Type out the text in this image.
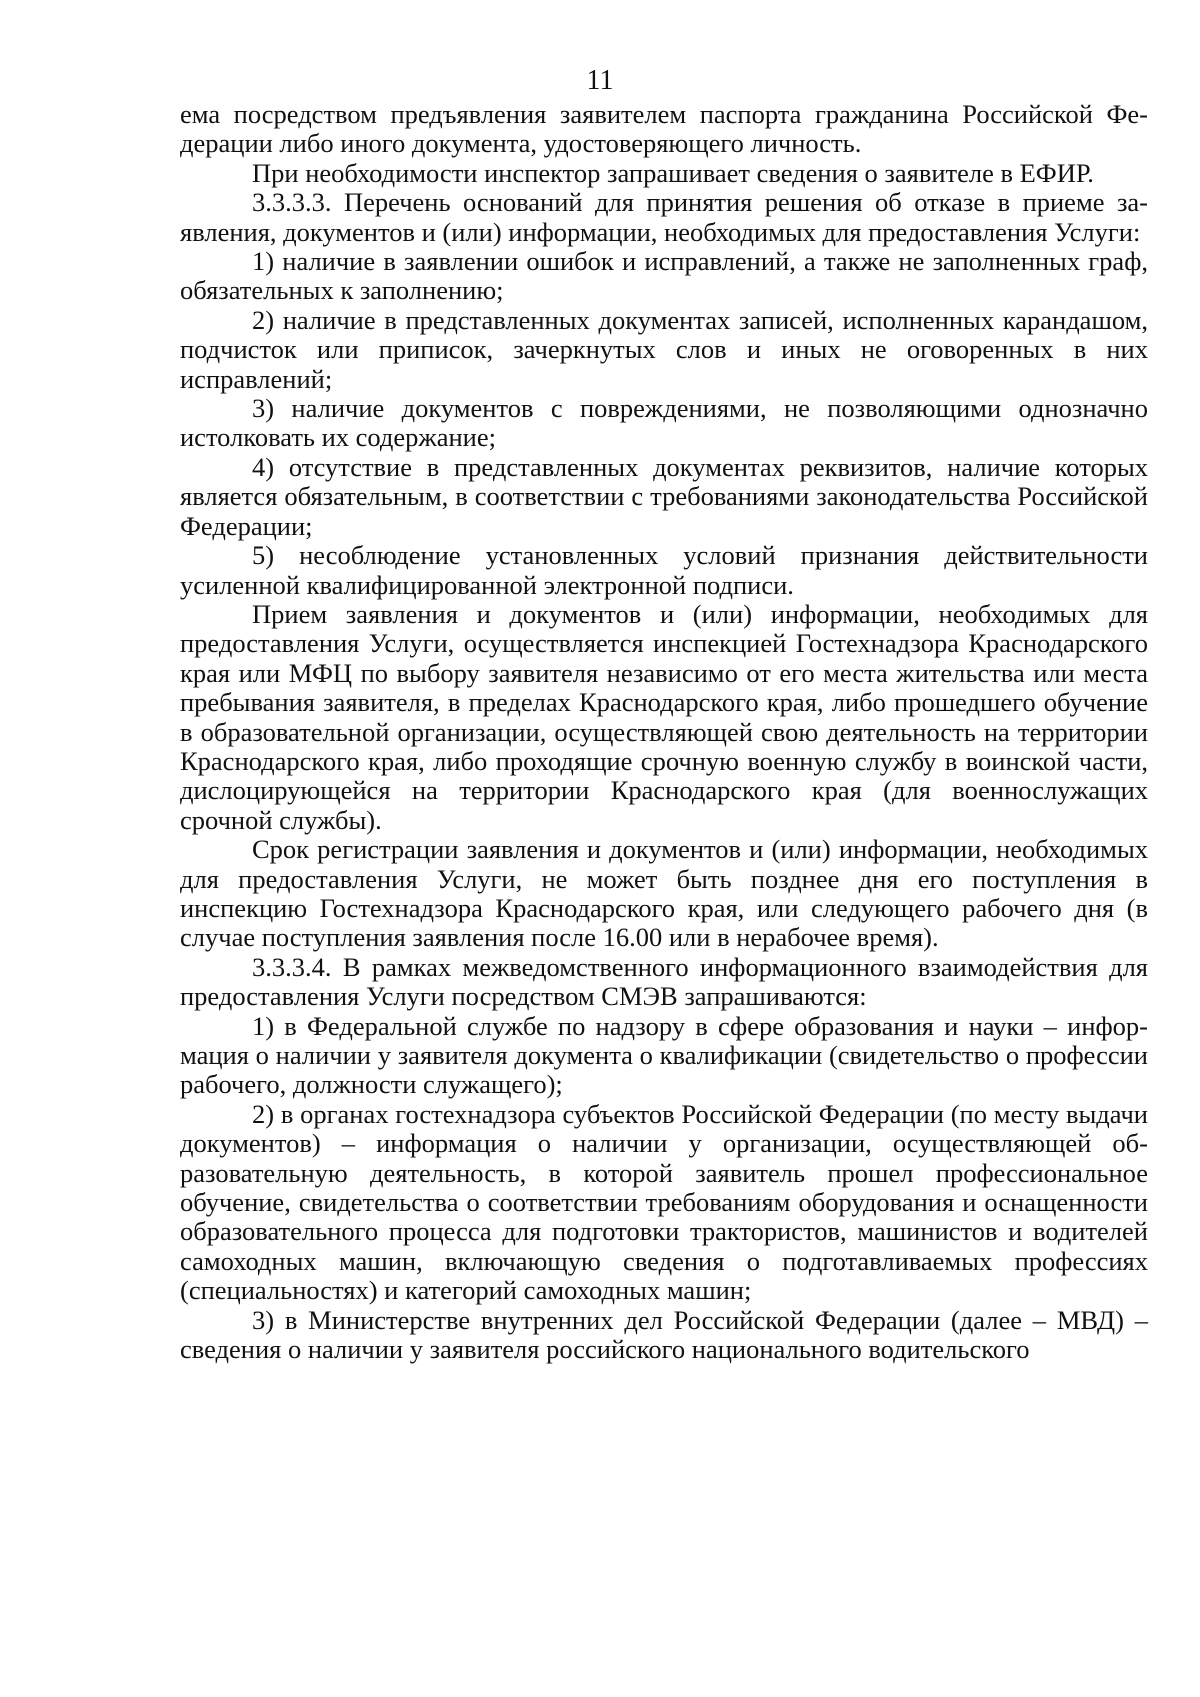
11

ема посредством предъявления заявителем паспорта гражданина Российской Федерации либо иного документа, удостоверяющего личность.

При необходимости инспектор запрашивает сведения о заявителе в ЕФИР.

3.3.3.3. Перечень оснований для принятия решения об отказе в приеме заявления, документов и (или) информации, необходимых для предоставления Услуги:

1) наличие в заявлении ошибок и исправлений, а также не заполненных граф, обязательных к заполнению;

2) наличие в представленных документах записей, исполненных карандашом, подчисток или приписок, зачеркнутых слов и иных не оговоренных в них исправлений;

3) наличие документов с повреждениями, не позволяющими однозначно истолковать их содержание;

4) отсутствие в представленных документах реквизитов, наличие которых является обязательным, в соответствии с требованиями законодательства Российской Федерации;

5) несоблюдение установленных условий признания действительности усиленной квалифицированной электронной подписи.

Прием заявления и документов и (или) информации, необходимых для предоставления Услуги, осуществляется инспекцией Гостехнадзора Краснодарского края или МФЦ по выбору заявителя независимо от его места жительства или места пребывания заявителя, в пределах Краснодарского края, либо прошедшего обучение в образовательной организации, осуществляющей свою деятельность на территории Краснодарского края, либо проходящие срочную военную службу в воинской части, дислоцирующейся на территории Краснодарского края (для военнослужащих срочной службы).

Срок регистрации заявления и документов и (или) информации, необходимых для предоставления Услуги, не может быть позднее дня его поступления в инспекцию Гостехнадзора Краснодарского края, или следующего рабочего дня (в случае поступления заявления после 16.00 или в нерабочее время).

3.3.3.4. В рамках межведомственного информационного взаимодействия для предоставления Услуги посредством СМЭВ запрашиваются:

1) в Федеральной службе по надзору в сфере образования и науки – информация о наличии у заявителя документа о квалификации (свидетельство о профессии рабочего, должности служащего);

2) в органах гостехнадзора субъектов Российской Федерации (по месту выдачи документов) – информация о наличии у организации, осуществляющей образовательную деятельность, в которой заявитель прошел профессиональное обучение, свидетельства о соответствии требованиям оборудования и оснащенности образовательного процесса для подготовки трактористов, машинистов и водителей самоходных машин, включающую сведения о подготавливаемых профессиях (специальностях) и категорий самоходных машин;

3) в Министерстве внутренних дел Российской Федерации (далее – МВД) – сведения о наличии у заявителя российского национального водительского
